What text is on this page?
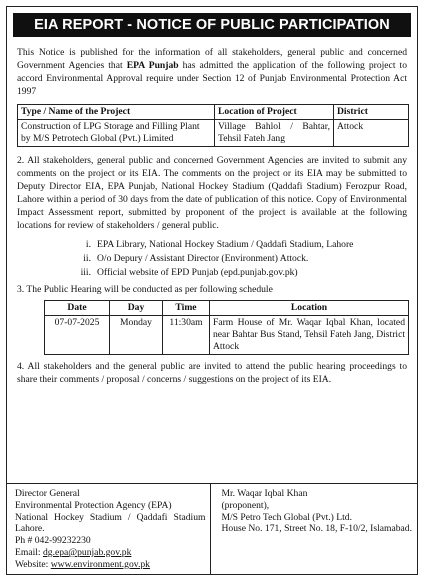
EIA REPORT - NOTICE OF PUBLIC PARTICIPATION

This Notice is published for the information of all stakeholders, general public and concerned Government Agencies that EPA Punjab has admitted the application of the following project to accord Environmental Approval require under Section 12 of Punjab Environmental Protection Act 1997

Type / Name of the Project	Location of Project	District
Construction of LPG Storage and Filling Plant by M/S Petrotech Global (Pvt.) Limited	Village Bahlol / Bahtar, Tehsil Fateh Jang	Attock

2. All stakeholders, general public and concerned Government Agencies are invited to submit any comments on the project or its EIA. The comments on the project or its EIA may be submitted to Deputy Director EIA, EPA Punjab, National Hockey Stadium (Qaddafi Stadium) Ferozpur Road, Lahore within a period of 30 days from the date of publication of this notice. Copy of Environmental Impact Assessment report, submitted by proponent of the project is available at the following locations for review of stakeholders / general public.

i. EPA Library, National Hockey Stadium / Qaddafi Stadium, Lahore
ii. O/o Depury / Assistant Director (Environment) Attock.
iii. Official website of EPD Punjab (epd.punjab.gov.pk)

3. The Public Hearing will be conducted as per following schedule

Date	Day	Time	Location
07-07-2025	Monday	11:30am	Farm House of Mr. Waqar Iqbal Khan, located near Bahtar Bus Stand, Tehsil Fateh Jang, District Attock

4. All stakeholders and the general public are invited to attend the public hearing proceedings to share their comments / proposal / concerns / suggestions on the project of its EIA.

Director General
Environmental Protection Agency (EPA)
National Hockey Stadium / Qaddafi Stadium Lahore.
Ph # 042-99232230
Email: dg.epa@punjab.gov.pk
Website: www.environment.gov.pk
Mr. Waqar Iqbal Khan
(proponent),
M/S Petro Tech Global (Pvt.) Ltd.
House No. 171, Street No. 18, F-10/2, Islamabad.
